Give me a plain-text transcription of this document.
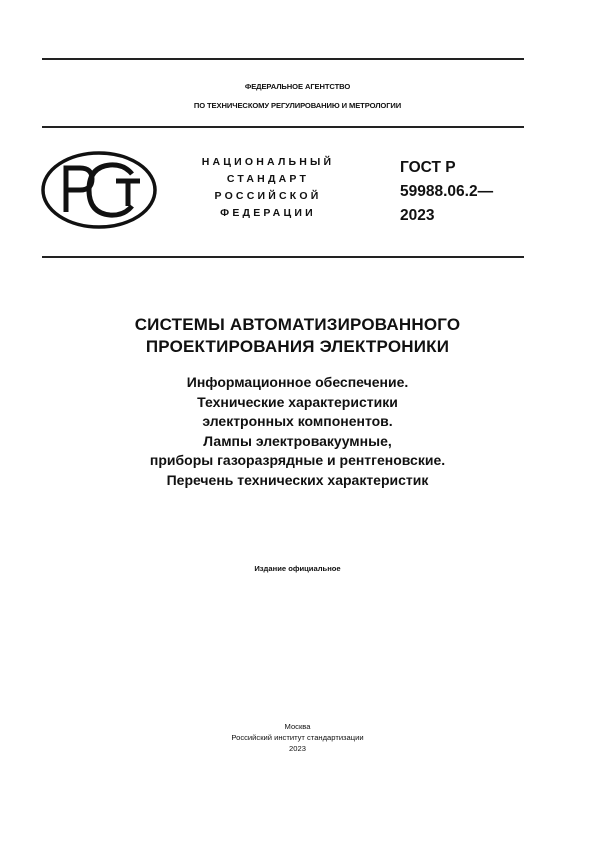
ФЕДЕРАЛЬНОЕ АГЕНТСТВО
ПО ТЕХНИЧЕСКОМУ РЕГУЛИРОВАНИЮ И МЕТРОЛОГИИ
НАЦИОНАЛЬНЫЙ
СТАНДАРТ
РОССИЙСКОЙ
ФЕДЕРАЦИИ
ГОСТ Р
59988.06.2—
2023
СИСТЕМЫ АВТОМАТИЗИРОВАННОГО
ПРОЕКТИРОВАНИЯ ЭЛЕКТРОНИКИ
Информационное обеспечение.
Технические характеристики
электронных компонентов.
Лампы электровакуумные,
приборы газоразрядные и рентгеновские.
Перечень технических характеристик
Издание официальное
Москва
Российский институт стандартизации
2023
